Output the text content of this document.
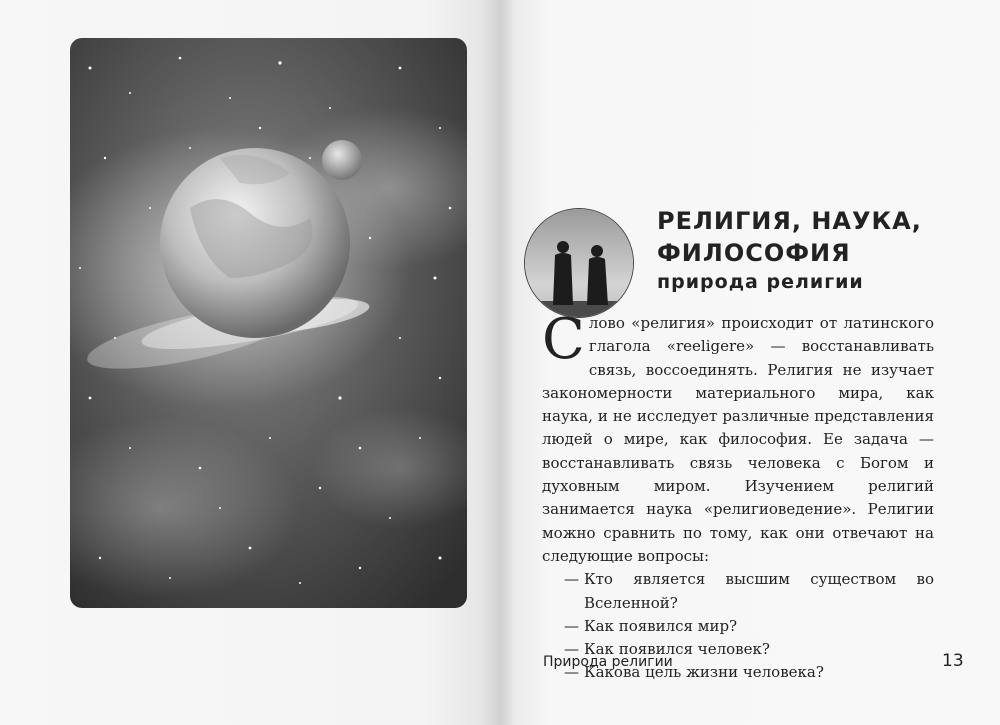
РЕЛИГИЯ, НАУКА, ФИЛОСОФИЯ
природа религии

Слово «религия» происходит от латинского глагола «reeligere» — восстанавливать связь, воссоединять. Религия не изучает закономерности материального мира, как наука, и не исследует различные представления людей о мире, как философия. Ее задача — восстанавливать связь человека с Богом и духовным миром. Изучением религий занимается наука «религиоведение». Религии можно сравнить по тому, как они отвечают на следующие вопросы:

— Кто является высшим существом во Вселенной?
— Как появился мир?
— Как появился человек?
— Какова цель жизни человека?
Природа религии	13
